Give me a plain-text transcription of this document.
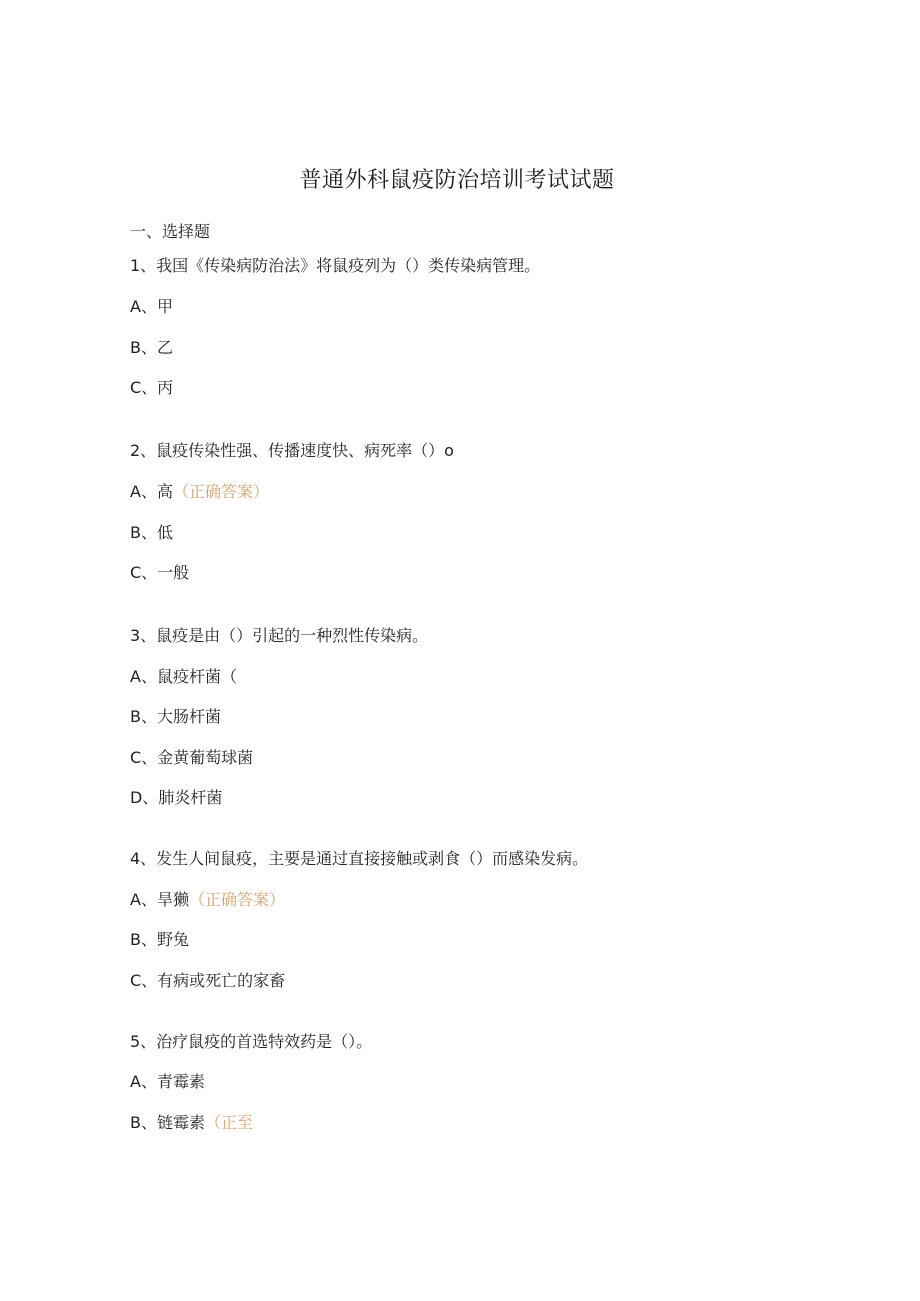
普通外科鼠疫防治培训考试试题
一、选择题
1、我国《传染病防治法》将鼠疫列为（）类传染病管理。
A、甲
B、乙
C、丙
2、鼠疫传染性强、传播速度快、病死率（）o
A、高（正确答案）
B、低
C、一般
3、鼠疫是由（）引起的一种烈性传染病。
A、鼠疫杆菌（
B、大肠杆菌
C、金黄葡萄球菌
D、肺炎杆菌
4、发生人间鼠疫，主要是通过直接接触或剥食（）而感染发病。
A、旱獭（正确答案）
B、野兔
C、有病或死亡的家畜
5、治疗鼠疫的首选特效药是（）。
A、青霉素
B、链霉素（正至
